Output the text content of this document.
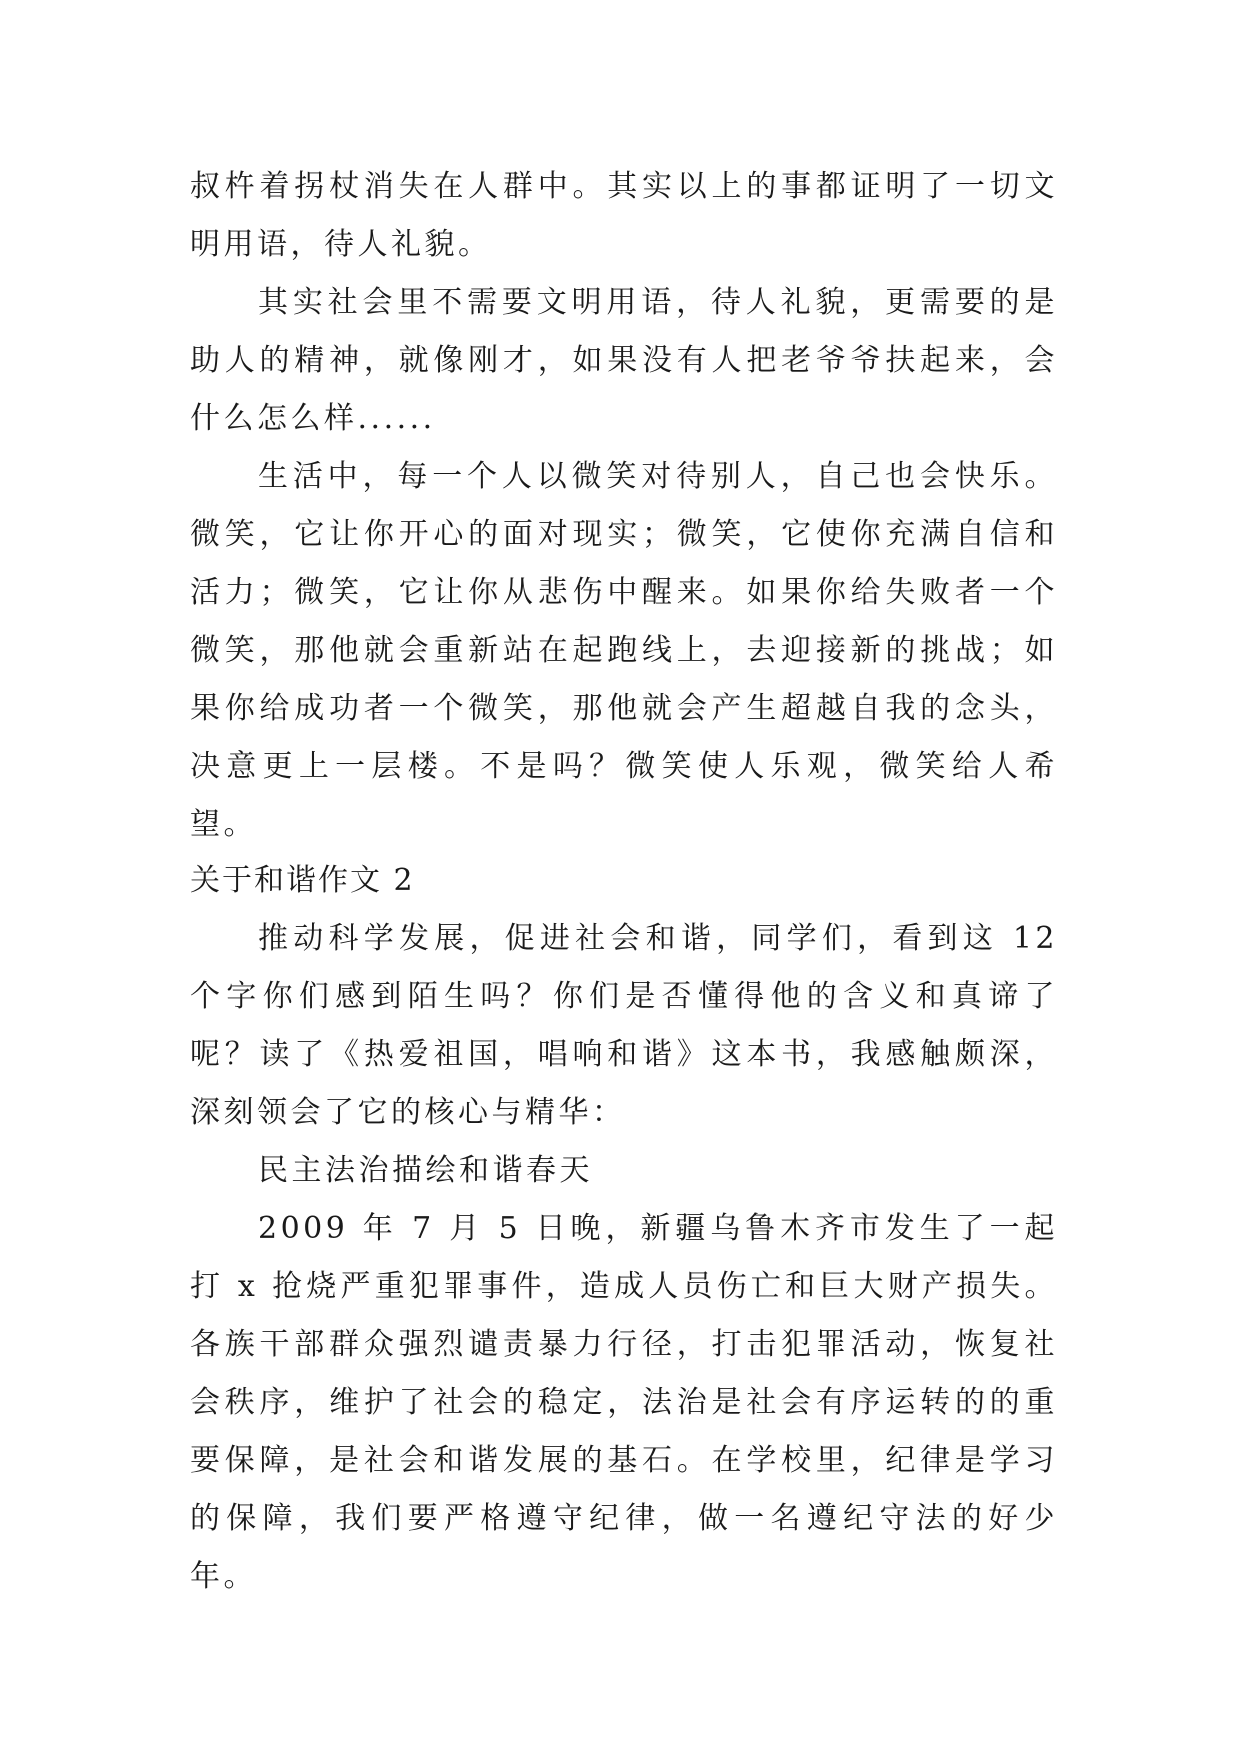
叔杵着拐杖消失在人群中。其实以上的事都证明了一切文明用语，待人礼貌。

其实社会里不需要文明用语，待人礼貌，更需要的是助人的精神，就像刚才，如果没有人把老爷爷扶起来，会什么怎么样......

生活中，每一个人以微笑对待别人，自己也会快乐。微笑，它让你开心的面对现实；微笑，它使你充满自信和活力；微笑，它让你从悲伤中醒来。如果你给失败者一个微笑，那他就会重新站在起跑线上，去迎接新的挑战；如果你给成功者一个微笑，那他就会产生超越自我的念头，决意更上一层楼。不是吗？微笑使人乐观，微笑给人希望。

关于和谐作文 2

推动科学发展，促进社会和谐，同学们，看到这 12 个字你们感到陌生吗？你们是否懂得他的含义和真谛了呢？读了《热爱祖国，唱响和谐》这本书，我感触颇深，深刻领会了它的核心与精华：

民主法治描绘和谐春天

2009 年 7 月 5 日晚，新疆乌鲁木齐市发生了一起打 x 抢烧严重犯罪事件，造成人员伤亡和巨大财产损失。各族干部群众强烈谴责暴力行径，打击犯罪活动，恢复社会秩序，维护了社会的稳定，法治是社会有序运转的的重要保障，是社会和谐发展的基石。在学校里，纪律是学习的保障，我们要严格遵守纪律，做一名遵纪守法的好少年。
